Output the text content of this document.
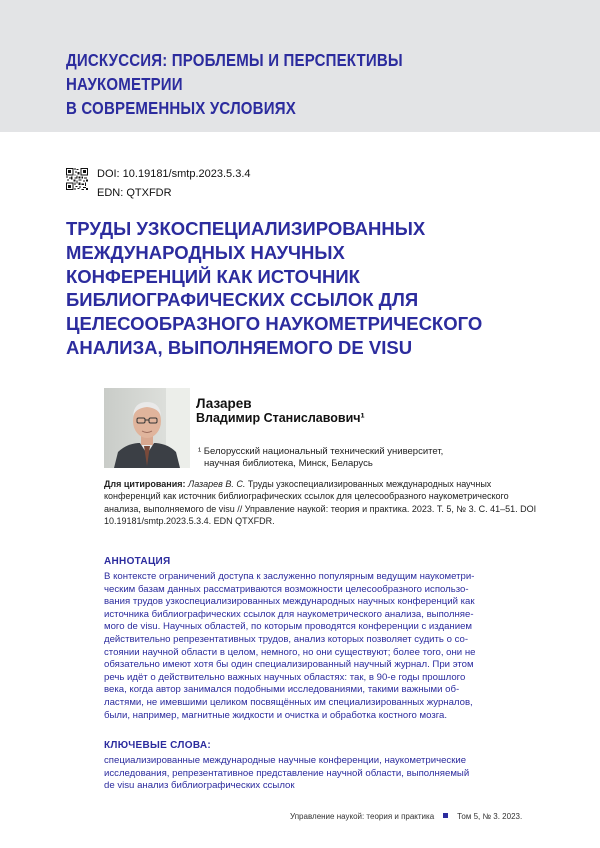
ДИСКУССИЯ: ПРОБЛЕМЫ И ПЕРСПЕКТИВЫ НАУКОМЕТРИИ
В СОВРЕМЕННЫХ УСЛОВИЯХ
DOI: 10.19181/smtp.2023.5.3.4
EDN: QTXFDR
ТРУДЫ УЗКОСПЕЦИАЛИЗИРОВАННЫХ
МЕЖДУНАРОДНЫХ НАУЧНЫХ
КОНФЕРЕНЦИЙ КАК ИСТОЧНИК
БИБЛИОГРАФИЧЕСКИХ ССЫЛОК ДЛЯ
ЦЕЛЕСООБРАЗНОГО НАУКОМЕТРИЧЕСКОГО
АНАЛИЗА, ВЫПОЛНЯЕМОГО DE VISU
Лазарев
Владимир Станиславович¹
¹ Белорусский национальный технический университет,
научная библиотека, Минск, Беларусь
Для цитирования: Лазарев В. С. Труды узкоспециализированных международных научных конференций как источник библиографических ссылок для целесообразного наукометрического анализа, выполняемого de visu // Управление наукой: теория и практика. 2023. Т. 5, № 3. С. 41–51. DOI 10.19181/smtp.2023.5.3.4. EDN QTXFDR.
АННОТАЦИЯ
В контексте ограничений доступа к заслуженно популярным ведущим наукометри-
ческим базам данных рассматриваются возможности целесообразного использо-
вания трудов узкоспециализированных международных научных конференций как
источника библиографических ссылок для наукометрического анализа, выполняе-
мого de visu. Научных областей, по которым проводятся конференции с изданием
действительно репрезентативных трудов, анализ которых позволяет судить о со-
стоянии научной области в целом, немного, но они существуют; более того, они не
обязательно имеют хотя бы один специализированный научный журнал. При этом
речь идёт о действительно важных научных областях: так, в 90-е годы прошлого
века, когда автор занимался подобными исследованиями, такими важными об-
ластями, не имевшими целиком посвящённых им специализированных журналов,
были, например, магнитные жидкости и очистка и обработка костного мозга.
КЛЮЧЕВЫЕ СЛОВА:
специализированные международные научные конференции, наукометрические
исследования, репрезентативное представление научной области, выполняемый
de visu анализ библиографических ссылок
Управление наукой: теория и практика	Том 5, № 3. 2023.
